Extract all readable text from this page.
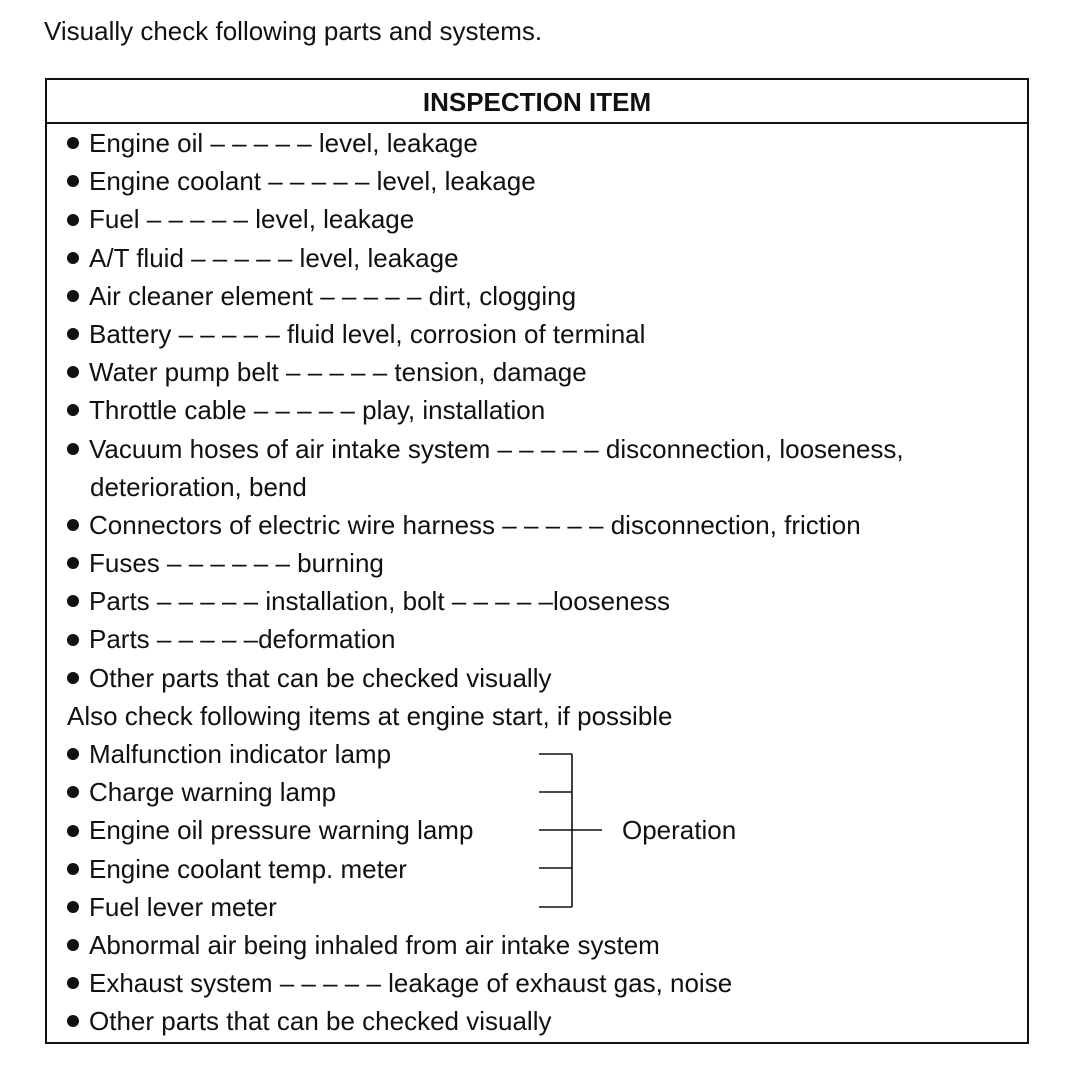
Visually check following parts and systems.
INSPECTION ITEM
Engine oil – – – – – level, leakage
Engine coolant – – – – – level, leakage
Fuel – – – – – level, leakage
A/T fluid – – – – – level, leakage
Air cleaner element – – – – – dirt, clogging
Battery – – – – – fluid level, corrosion of terminal
Water pump belt – – – – – tension, damage
Throttle cable – – – – – play, installation
Vacuum hoses of air intake system – – – – – disconnection, looseness,
deterioration, bend
Connectors of electric wire harness – – – – – disconnection, friction
Fuses – – – – – – burning
Parts – – – – – installation, bolt – – – – –looseness
Parts – – – – –deformation
Other parts that can be checked visually
Also check following items at engine start, if possible
Malfunction indicator lamp
Charge warning lamp
Engine oil pressure warning lamp
Engine coolant temp. meter
Fuel lever meter
Operation
Abnormal air being inhaled from air intake system
Exhaust system – – – – – leakage of exhaust gas, noise
Other parts that can be checked visually
